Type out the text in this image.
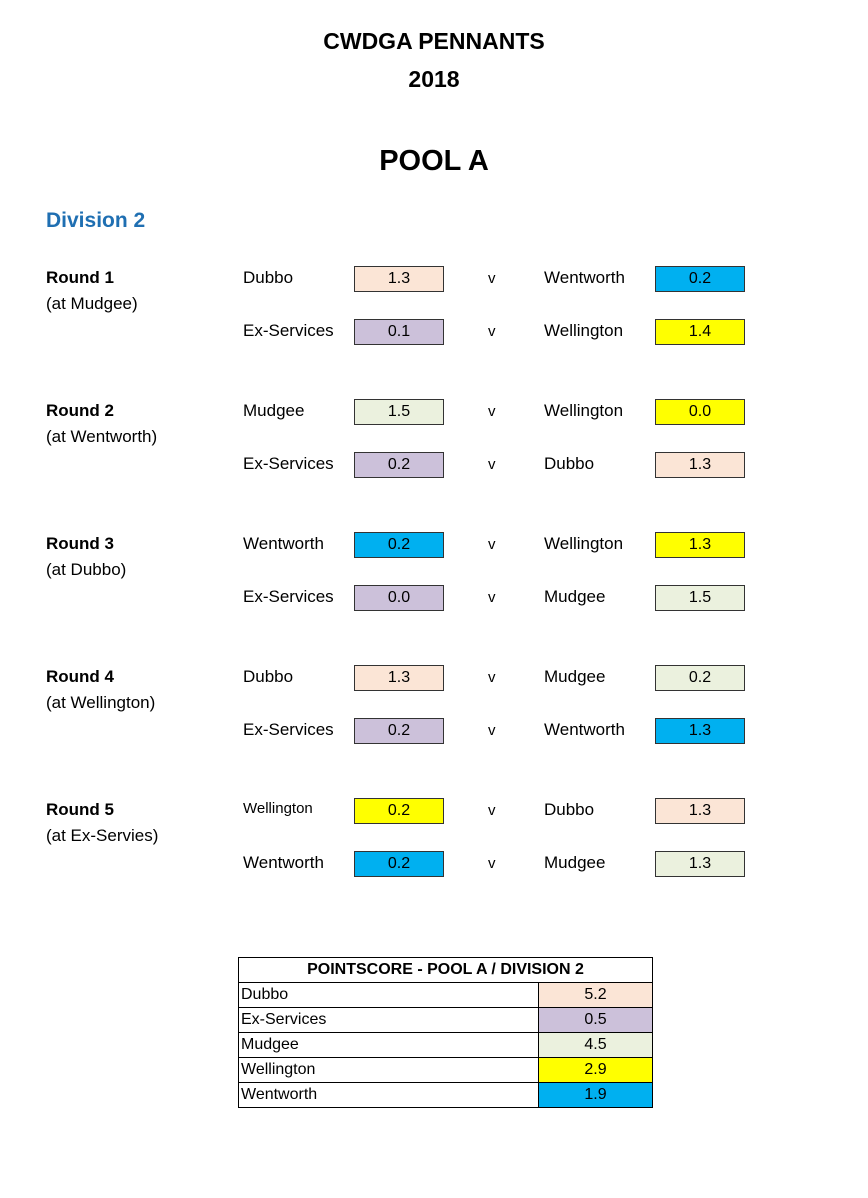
CWDGA PENNANTS
2018
POOL A
Division 2
Round 1
(at Mudgee)
Dubbo	1.3	v	Wentworth	0.2
Ex-Services	0.1	v	Wellington	1.4
Round 2
(at Wentworth)
Mudgee	1.5	v	Wellington	0.0
Ex-Services	0.2	v	Dubbo	1.3
Round 3
(at Dubbo)
Wentworth	0.2	v	Wellington	1.3
Ex-Services	0.0	v	Mudgee	1.5
Round 4
(at Wellington)
Dubbo	1.3	v	Mudgee	0.2
Ex-Services	0.2	v	Wentworth	1.3
Round 5
(at Ex-Servies)
Wellington	0.2	v	Dubbo	1.3
Wentworth	0.2	v	Mudgee	1.3
POINTSCORE - POOL A / DIVISION 2	
Dubbo	5.2
Ex-Services	0.5
Mudgee	4.5
Wellington	2.9
Wentworth	1.9
